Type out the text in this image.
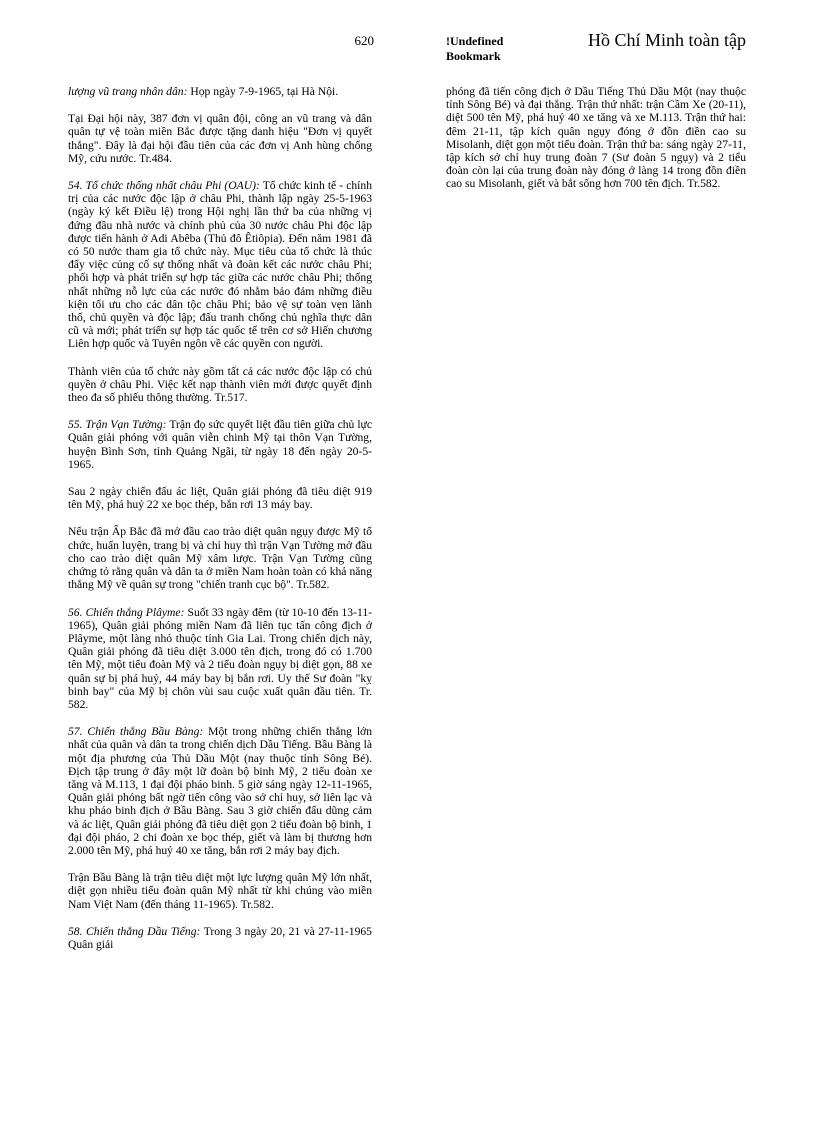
620	!Undefined Bookmark
Hồ Chí Minh toàn tập

lượng vũ trang nhân dân: Họp ngày 7-9-1965, tại Hà Nội.

Tại Đại hội này, 387 đơn vị quân đội, công an vũ trang và dân quân tự vệ toàn miền Bắc được tặng danh hiệu "Đơn vị quyết thắng". Đây là đại hội đầu tiên của các đơn vị Anh hùng chống Mỹ, cứu nước. Tr.484.

54. Tổ chức thống nhất châu Phi (OAU): Tổ chức kinh tế - chính trị của các nước độc lập ở châu Phi, thành lập ngày 25-5-1963 (ngày ký kết Điều lệ) trong Hội nghị lần thứ ba của những vị đứng đầu nhà nước và chính phủ của 30 nước châu Phi độc lập được tiến hành ở Adi Abêba (Thủ đô Êtiôpia). Đến năm 1981 đã có 50 nước tham gia tổ chức này. Mục tiêu của tổ chức là thúc đẩy việc củng cố sự thống nhất và đoàn kết các nước châu Phi; phối hợp và phát triển sự hợp tác giữa các nước châu Phi; thống nhất những nỗ lực của các nước đó nhằm bảo đảm những điều kiện tối ưu cho các dân tộc châu Phi; bảo vệ sự toàn vẹn lãnh thổ, chủ quyền và độc lập; đấu tranh chống chủ nghĩa thực dân cũ và mới; phát triển sự hợp tác quốc tế trên cơ sở Hiến chương Liên hợp quốc và Tuyên ngôn về các quyền con người.

Thành viên của tổ chức này gồm tất cả các nước độc lập có chủ quyền ở châu Phi. Việc kết nạp thành viên mới được quyết định theo đa số phiếu thông thường. Tr.517.

55. Trận Vạn Tường: Trận đọ sức quyết liệt đầu tiên giữa chủ lực Quân giải phóng với quân viễn chinh Mỹ tại thôn Vạn Tường, huyện Bình Sơn, tỉnh Quảng Ngãi, từ ngày 18 đến ngày 20-5-1965.

Sau 2 ngày chiến đấu ác liệt, Quân giải phóng đã tiêu diệt 919 tên Mỹ, phá huỷ 22 xe bọc thép, bắn rơi 13 máy bay.

Nếu trận Ấp Bắc đã mở đầu cao trào diệt quân ngụy được Mỹ tổ chức, huấn luyện, trang bị và chỉ huy thì trận Vạn Tường mở đầu cho cao trào diệt quân Mỹ xâm lược. Trận Vạn Tường cũng chứng tỏ rằng quân và dân ta ở miền Nam hoàn toàn có khả năng thắng Mỹ về quân sự trong "chiến tranh cục bộ". Tr.582.

56. Chiến thắng Plâyme: Suốt 33 ngày đêm (từ 10-10 đến 13-11-1965), Quân giải phóng miền Nam đã liên tục tấn công địch ở Plâyme, một làng nhỏ thuộc tỉnh Gia Lai. Trong chiến dịch này, Quân giải phóng đã tiêu diệt 3.000 tên địch, trong đó có 1.700 tên Mỹ, một tiểu đoàn Mỹ và 2 tiểu đoàn ngụy bị diệt gọn, 88 xe quân sự bị phá huỷ, 44 máy bay bị bắn rơi. Uy thế Sư đoàn "kỵ binh bay" của Mỹ bị chôn vùi sau cuộc xuất quân đầu tiên. Tr. 582.

57. Chiến thắng Bầu Bàng: Một trong những chiến thắng lớn nhất của quân và dân ta trong chiến dịch Dầu Tiếng. Bầu Bàng là một địa phương của Thủ Dầu Một (nay thuộc tỉnh Sông Bé). Địch tập trung ở đây một lữ đoàn bộ binh Mỹ, 2 tiểu đoàn xe tăng và M.113, 1 đại đội pháo binh. 5 giờ sáng ngày 12-11-1965, Quân giải phóng bất ngờ tiến công vào sở chỉ huy, sở liên lạc và khu pháo binh địch ở Bầu Bàng. Sau 3 giờ chiến đấu dũng cảm và ác liệt, Quân giải phóng đã tiêu diệt gọn 2 tiểu đoàn bộ binh, 1 đại đội pháo, 2 chi đoàn xe bọc thép, giết và làm bị thương hơn 2.000 tên Mỹ, phá huỷ 40 xe tăng, bắn rơi 2 máy bay địch.

Trận Bầu Bàng là trận tiêu diệt một lực lượng quân Mỹ lớn nhất, diệt gọn nhiều tiểu đoàn quân Mỹ nhất từ khi chúng vào miền Nam Việt Nam (đến tháng 11-1965). Tr.582.

58. Chiến thắng Dầu Tiếng: Trong 3 ngày 20, 21 và 27-11-1965 Quân giải

phóng đã tiến công địch ở Dầu Tiếng Thủ Dầu Một (nay thuộc tỉnh Sông Bé) và đại thắng. Trận thứ nhất: trận Cầm Xe (20-11), diệt 500 tên Mỹ, phá huỷ 40 xe tăng và xe M.113. Trận thứ hai: đêm 21-11, tập kích quân ngụy đóng ở đồn điền cao su Misolanh, diệt gọn một tiểu đoàn. Trận thứ ba: sáng ngày 27-11, tập kích sở chỉ huy trung đoàn 7 (Sư đoàn 5 ngụy) và 2 tiểu đoàn còn lại của trung đoàn này đóng ở làng 14 trong đồn điền cao su Misolanh, giết và bắt sống hơn 700 tên địch. Tr.582.
